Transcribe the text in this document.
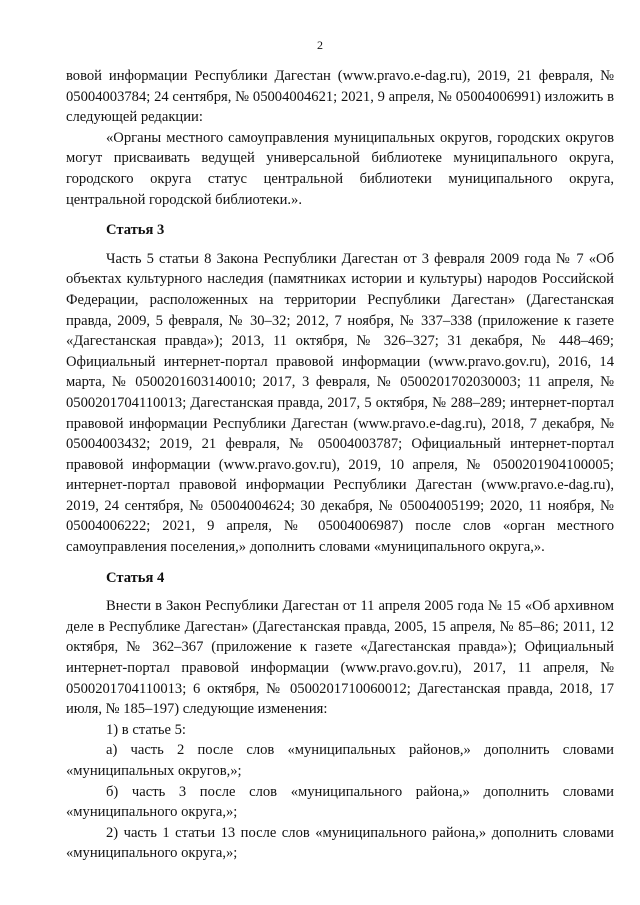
2

вовой информации Республики Дагестан (www.pravo.e-dag.ru), 2019, 21 февраля, № 05004003784; 24 сентября, № 05004004621; 2021, 9 апреля, № 05004006991) изложить в следующей редакции:

«Органы местного самоуправления муниципальных округов, городских округов могут присваивать ведущей универсальной библиотеке муниципального округа, городского округа статус центральной библиотеки муниципального округа, центральной городской библиотеки.».

Статья 3

Часть 5 статьи 8 Закона Республики Дагестан от 3 февраля 2009 года № 7 «Об объектах культурного наследия (памятниках истории и культуры) народов Российской Федерации, расположенных на территории Республики Дагестан» (Дагестанская правда, 2009, 5 февраля, № 30–32; 2012, 7 ноября, № 337–338 (приложение к газете «Дагестанская правда»); 2013, 11 октября, № 326–327; 31 декабря, № 448–469; Официальный интернет-портал правовой информации (www.pravo.gov.ru), 2016, 14 марта, № 0500201603140010; 2017, 3 февраля, № 0500201702030003; 11 апреля, № 0500201704110013; Дагестанская правда, 2017, 5 октября, № 288–289; интернет-портал правовой информации Республики Дагестан (www.pravo.e-dag.ru), 2018, 7 декабря, № 05004003432; 2019, 21 февраля, № 05004003787; Официальный интернет-портал правовой информации (www.pravo.gov.ru), 2019, 10 апреля, № 0500201904100005; интернет-портал правовой информации Республики Дагестан (www.pravo.e-dag.ru), 2019, 24 сентября, № 05004004624; 30 декабря, № 05004005199; 2020, 11 ноября, № 05004006222; 2021, 9 апреля, № 05004006987) после слов «орган местного самоуправления поселения,» дополнить словами «муниципального округа,».

Статья 4

Внести в Закон Республики Дагестан от 11 апреля 2005 года № 15 «Об архивном деле в Республике Дагестан» (Дагестанская правда, 2005, 15 апреля, № 85–86; 2011, 12 октября, № 362–367 (приложение к газете «Дагестанская правда»); Официальный интернет-портал правовой информации (www.pravo.gov.ru), 2017, 11 апреля, № 0500201704110013; 6 октября, № 0500201710060012; Дагестанская правда, 2018, 17 июля, № 185–197) следующие изменения:

1) в статье 5:

а) часть 2 после слов «муниципальных районов,» дополнить словами «муниципальных округов,»;

б) часть 3 после слов «муниципального района,» дополнить словами «муниципального округа,»;

2) часть 1 статьи 13 после слов «муниципального района,» дополнить словами «муниципального округа,»;
